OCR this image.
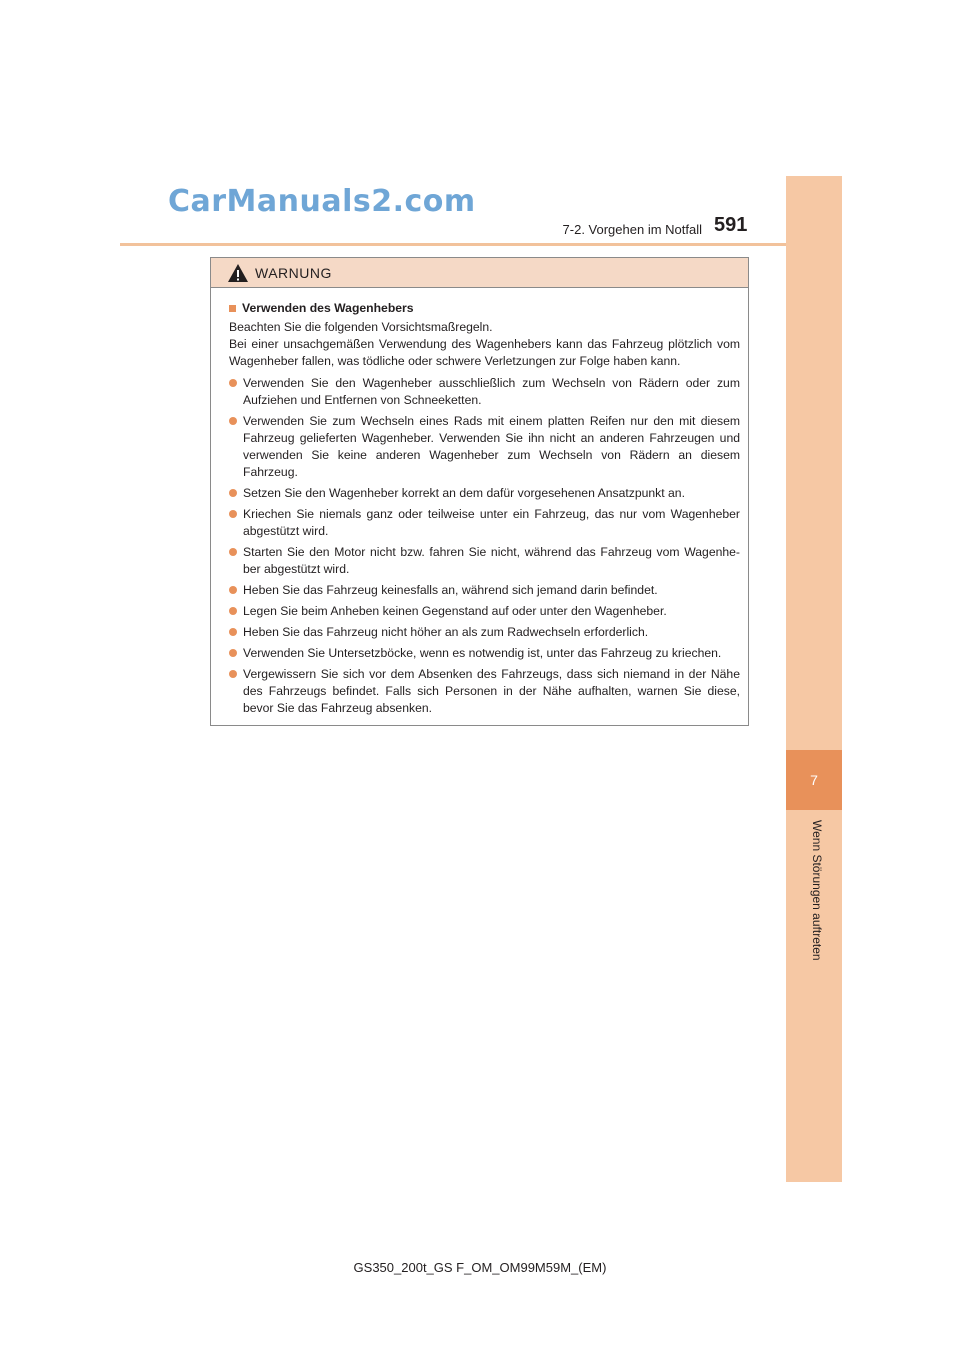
CarManuals2.com
7-2. Vorgehen im Notfall 591
7
Wenn Störungen auftreten
WARNUNG
Verwenden des Wagenhebers

Beachten Sie die folgenden Vorsichtsmaßregeln.

Bei einer unsachgemäßen Verwendung des Wagenhebers kann das Fahrzeug plötzlich vom Wagenheber fallen, was tödliche oder schwere Verletzungen zur Folge haben kann.

Verwenden Sie den Wagenheber ausschließlich zum Wechseln von Rädern oder zum Aufziehen und Entfernen von Schneeketten.
Verwenden Sie zum Wechseln eines Rads mit einem platten Reifen nur den mit diesem Fahrzeug gelieferten Wagenheber. Verwenden Sie ihn nicht an anderen Fahrzeugen und verwenden Sie keine anderen Wagenheber zum Wechseln von Rädern an diesem Fahrzeug.
Setzen Sie den Wagenheber korrekt an dem dafür vorgesehenen Ansatzpunkt an.
Kriechen Sie niemals ganz oder teilweise unter ein Fahrzeug, das nur vom Wagenheber abgestützt wird.
Starten Sie den Motor nicht bzw. fahren Sie nicht, während das Fahrzeug vom Wagenhe-ber abgestützt wird.
Heben Sie das Fahrzeug keinesfalls an, während sich jemand darin befindet.
Legen Sie beim Anheben keinen Gegenstand auf oder unter den Wagenheber.
Heben Sie das Fahrzeug nicht höher an als zum Radwechseln erforderlich.
Verwenden Sie Untersetzböcke, wenn es notwendig ist, unter das Fahrzeug zu kriechen.
Vergewissern Sie sich vor dem Absenken des Fahrzeugs, dass sich niemand in der Nähe des Fahrzeugs befindet. Falls sich Personen in der Nähe aufhalten, warnen Sie diese, bevor Sie das Fahrzeug absenken.
GS350_200t_GS F_OM_OM99M59M_(EM)
